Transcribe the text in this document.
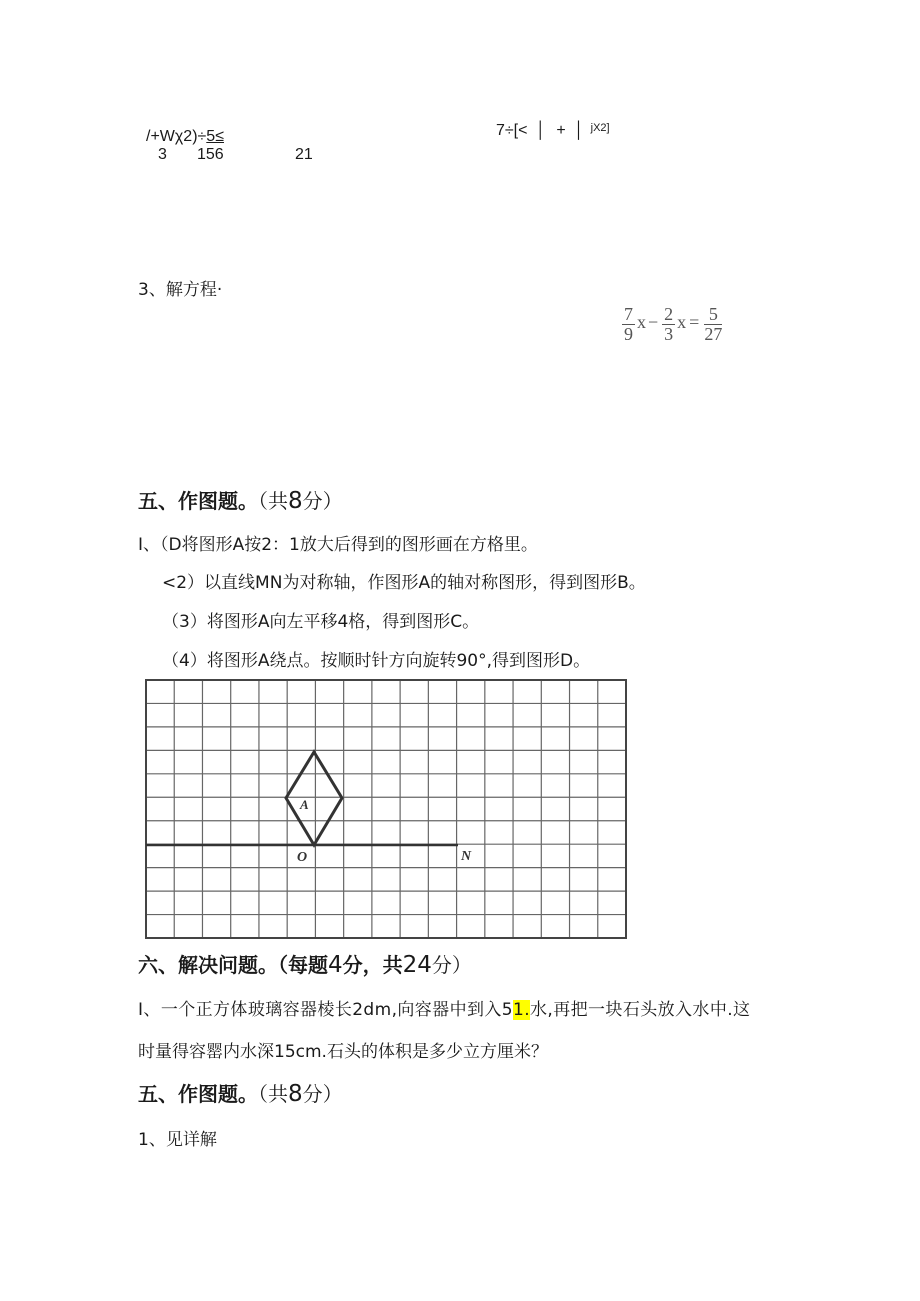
/+Wχ2)÷5≤
3 156	21
7÷[< │ + │ $^{jX2]}$
3、解方程·
$\frac{7}{9}$ $x - \frac{2}{3}$ $x = \frac{5}{27}$
五、作图题。（共8分）
I、（D将图形A按2：1放大后得到的图形画在方格里。
<2）以直线MN为对称轴，作图形A的轴对称图形，得到图形B。
（3）将图形A向左平移4格，得到图形C。
（4）将图形A绕点。按顺时针方向旋转90°,得到图形D。
A
O	N
六、解决问题。（每题4分，共24分）
I、一个正方体玻璃容器棱长2dm,向容器中到入51.水,再把一块石头放入水中.这
时量得容罂内水深15cm.石头的体积是多少立方厘米？
五、作图题。（共8分）
1、见详解
